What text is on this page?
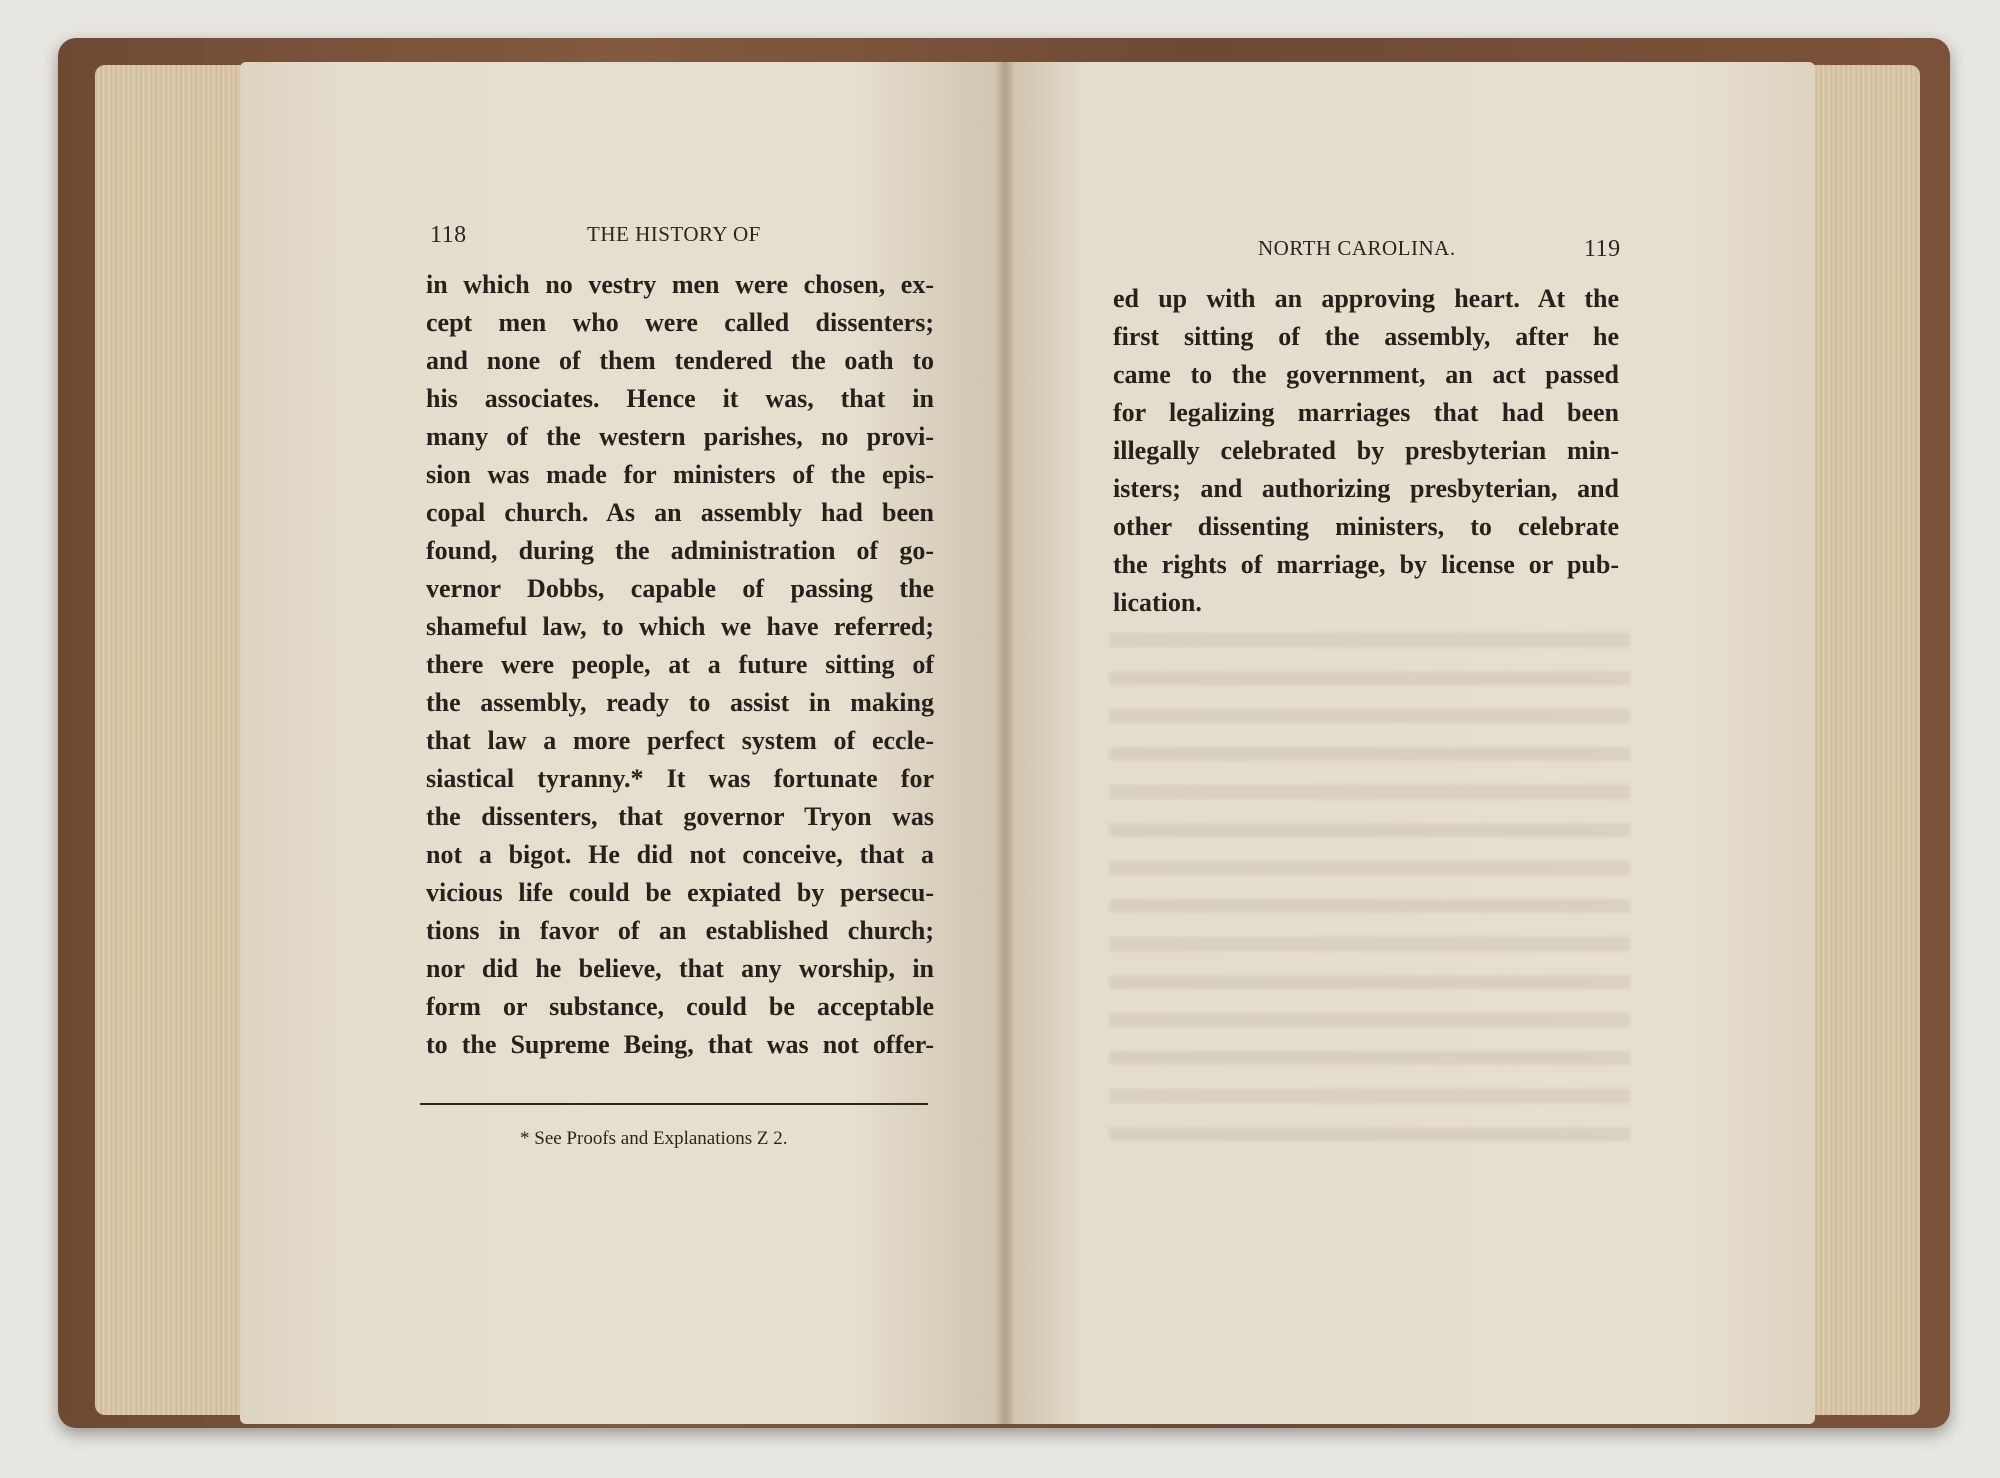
118	THE HISTORY OF
in which no vestry men were chosen, ex-
cept men who were called dissenters;
and none of them tendered the oath to
his associates. Hence it was, that in
many of the western parishes, no provi-
sion was made for ministers of the epis-
copal church. As an assembly had been
found, during the administration of go-
vernor Dobbs, capable of passing the
shameful law, to which we have referred;
there were people, at a future sitting of
the assembly, ready to assist in making
that law a more perfect system of eccle-
siastical tyranny.* It was fortunate for
the dissenters, that governor Tryon was
not a bigot. He did not conceive, that a
vicious life could be expiated by persecu-
tions in favor of an established church;
nor did he believe, that any worship, in
form or substance, could be acceptable
to the Supreme Being, that was not offer-
* See Proofs and Explanations Z 2.
NORTH CAROLINA.	119
ed up with an approving heart. At the
first sitting of the assembly, after he
came to the government, an act passed
for legalizing marriages that had been
illegally celebrated by presbyterian min-
isters; and authorizing presbyterian, and
other dissenting ministers, to celebrate
the rights of marriage, by license or pub-
lication.
